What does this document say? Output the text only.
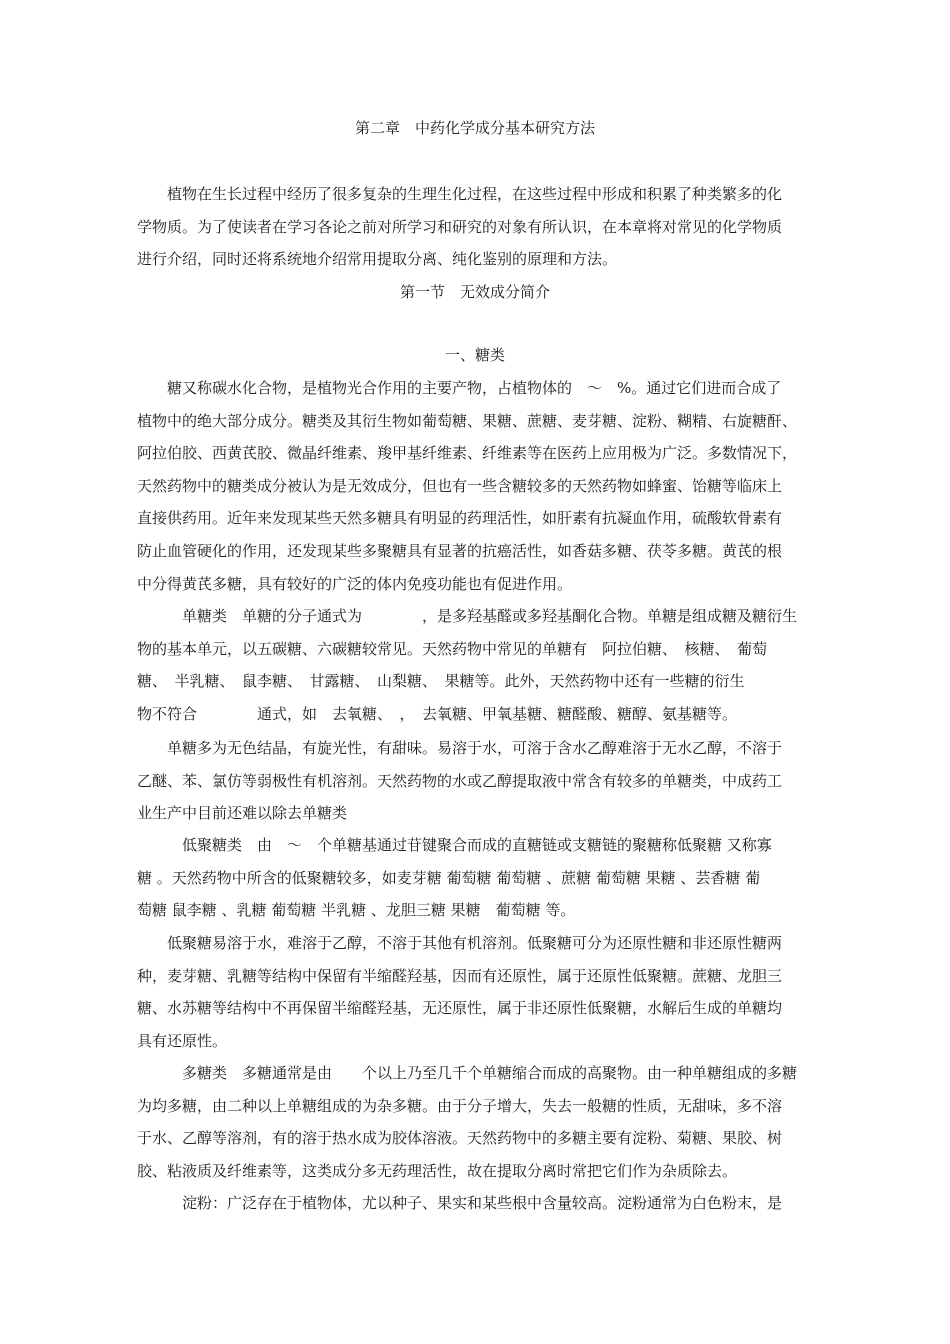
第二章　中药化学成分基本研究方法
　　植物在生长过程中经历了很多复杂的生理生化过程，在这些过程中形成和积累了种类繁多的化
学物质。为了使读者在学习各论之前对所学习和研究的对象有所认识，在本章将对常见的化学物质
进行介绍，同时还将系统地介绍常用提取分离、纯化鉴别的原理和方法。
　　糖又称碳水化合物，是植物光合作用的主要产物，占植物体的　～　%。通过它们进而合成了
植物中的绝大部分成分。糖类及其衍生物如葡萄糖、果糖、蔗糖、麦芽糖、淀粉、糊精、右旋糖酐、
阿拉伯胶、西黄芪胶、微晶纤维素、羧甲基纤维素、纤维素等在医药上应用极为广泛。多数情况下，
天然药物中的糖类成分被认为是无效成分，但也有一些含糖较多的天然药物如蜂蜜、饴糖等临床上
直接供药用。近年来发现某些天然多糖具有明显的药理活性，如肝素有抗凝血作用，硫酸软骨素有
防止血管硬化的作用，还发现某些多聚糖具有显著的抗癌活性，如香菇多糖、茯苓多糖。黄芪的根
中分得黄芪多糖，具有较好的广泛的体内免疫功能也有促进作用。
　　　单糖类　单糖的分子通式为　　　　，是多羟基醛或多羟基酮化合物。单糖是组成糖及糖衍生
物的基本单元，以五碳糖、六碳糖较常见。天然药物中常见的单糖有　阿拉伯糖、　核糖、　葡萄
糖、　半乳糖、　鼠李糖、　甘露糖、　山梨糖、　果糖等。此外，天然药物中还有一些糖的衍生
物不符合　　　　通式，如　去氧糖、　，　去氧糖、甲氧基糖、糖醛酸、糖醇、氨基糖等。
　　单糖多为无色结晶，有旋光性，有甜味。易溶于水，可溶于含水乙醇难溶于无水乙醇，不溶于
乙醚、苯、氯仿等弱极性有机溶剂。天然药物的水或乙醇提取液中常含有较多的单糖类，中成药工
业生产中目前还难以除去单糖类
　　　低聚糖类　由　～　个单糖基通过苷键聚合而成的直糖链或支糖链的聚糖称低聚糖 又称寡
糖 。天然药物中所含的低聚糖较多，如麦芽糖 葡萄糖 葡萄糖 、蔗糖 葡萄糖 果糖 、芸香糖 葡
萄糖 鼠李糖 、乳糖 葡萄糖 半乳糖 、龙胆三糖 果糖　葡萄糖 等。
　　低聚糖易溶于水，难溶于乙醇，不溶于其他有机溶剂。低聚糖可分为还原性糖和非还原性糖两
种，麦芽糖、乳糖等结构中保留有半缩醛羟基，因而有还原性，属于还原性低聚糖。蔗糖、龙胆三
糖、水苏糖等结构中不再保留半缩醛羟基，无还原性，属于非还原性低聚糖，水解后生成的单糖均
具有还原性。
　　　多糖类　多糖通常是由　　个以上乃至几千个单糖缩合而成的高聚物。由一种单糖组成的多糖
为均多糖，由二种以上单糖组成的为杂多糖。由于分子增大，失去一般糖的性质，无甜味，多不溶
于水、乙醇等溶剂，有的溶于热水成为胶体溶液。天然药物中的多糖主要有淀粉、菊糖、果胶、树
胶、粘液质及纤维素等，这类成分多无药理活性，故在提取分离时常把它们作为杂质除去。
　　　淀粉：广泛存在于植物体，尤以种子、果实和某些根中含量较高。淀粉通常为白色粉末，是
第一节　无效成分简介
一、糖类
